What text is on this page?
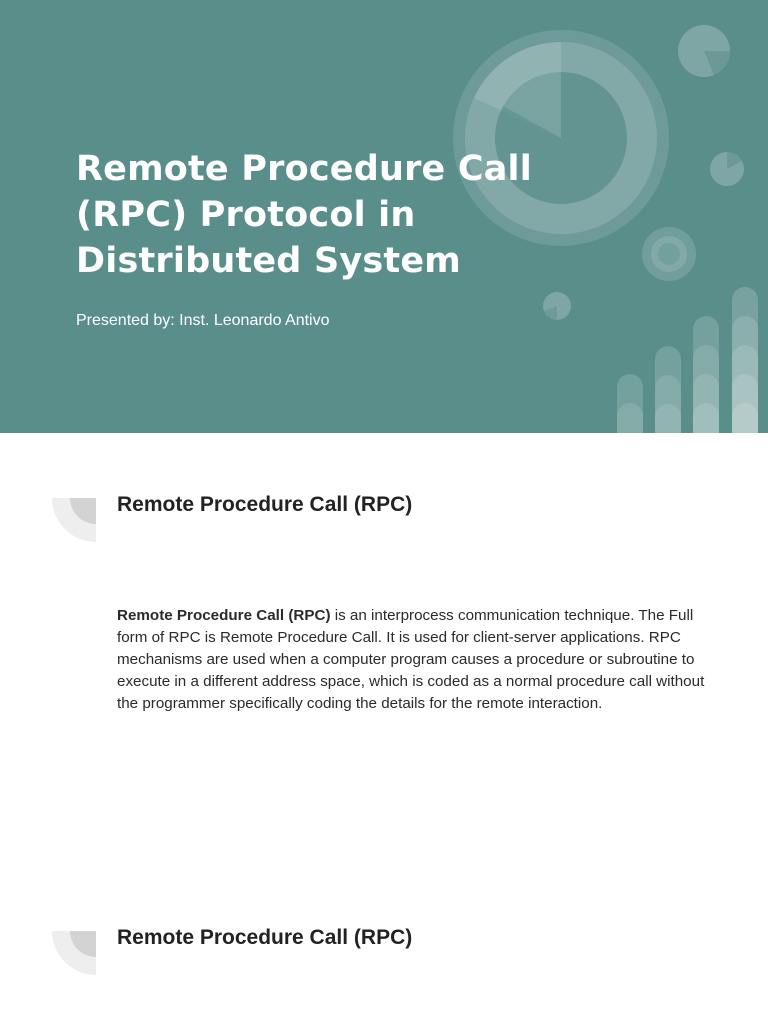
Remote Procedure Call (RPC) Protocol in Distributed System

Presented by: Inst. Leonardo Antivo

Remote Procedure Call (RPC)

Remote Procedure Call (RPC) is an interprocess communication technique. The Full form of RPC is Remote Procedure Call. It is used for client-server applications. RPC mechanisms are used when a computer program causes a procedure or subroutine to execute in a different address space, which is coded as a normal procedure call without the programmer specifically coding the details for the remote interaction.

Remote Procedure Call (RPC)
